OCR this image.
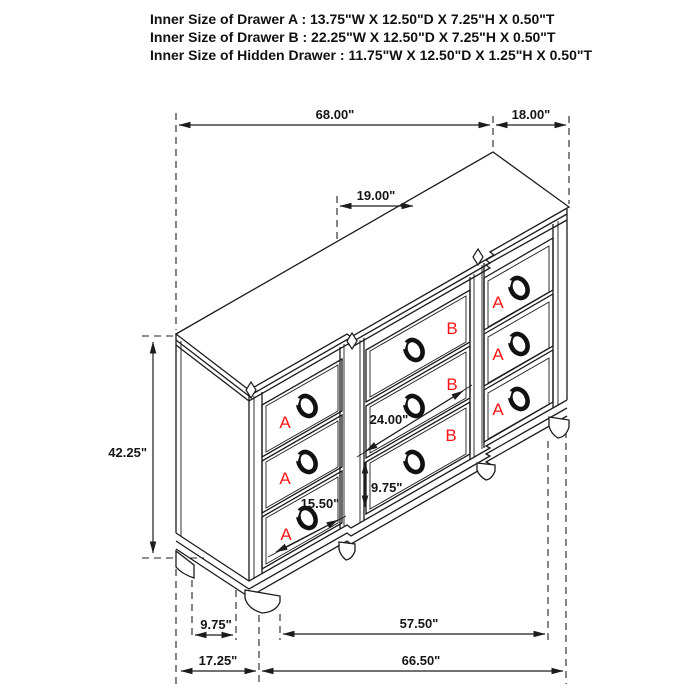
Inner Size of Drawer A : 13.75"W X 12.50"D X 7.25"H X 0.50"T
Inner Size of Drawer B : 22.25"W X 12.50"D X 7.25"H X 0.50"T
Inner Size of Hidden Drawer : 11.75"W X 12.50"D X 1.25"H X 0.50"T
68.00"	18.00"
19.00"
42.25"
24.00"
9.75"
15.50"
9.75"	57.50"
17.25"	66.50"
A
A
A
B
B
B
A
A
A
